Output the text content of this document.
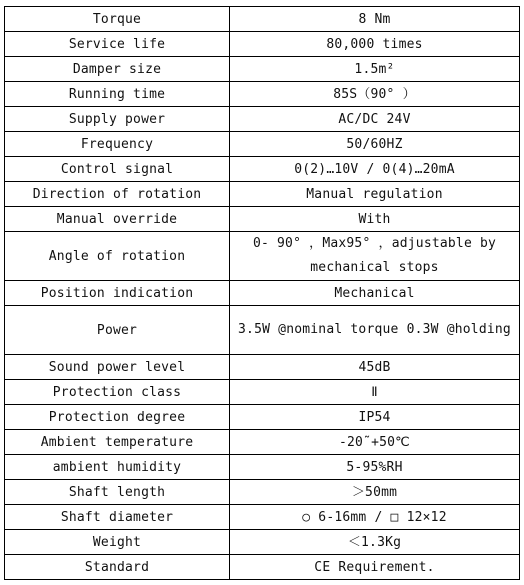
Torque	8 Nm
Service life	80,000 times
Damper size	1.5m²
Running time	85S（90° ）
Supply power	AC/DC 24V
Frequency	50/60HZ
Control signal	0(2)…10V / 0(4)…20mA
Direction of rotation	Manual regulation
Manual override	With
Angle of rotation	0- 90° ，Max95° ，adjustable by mechanical stops
Position indication	Mechanical
Power	3.5W @nominal torque 0.3W @holding
Sound power level	45dB
Protection class	Ⅱ
Protection degree	IP54
Ambient temperature	-20˜+50℃
ambient humidity	5-95%RH
Shaft length	＞50mm
Shaft diameter	○ 6-16mm / □ 12×12
Weight	＜1.3Kg
Standard	CE Requirement.
